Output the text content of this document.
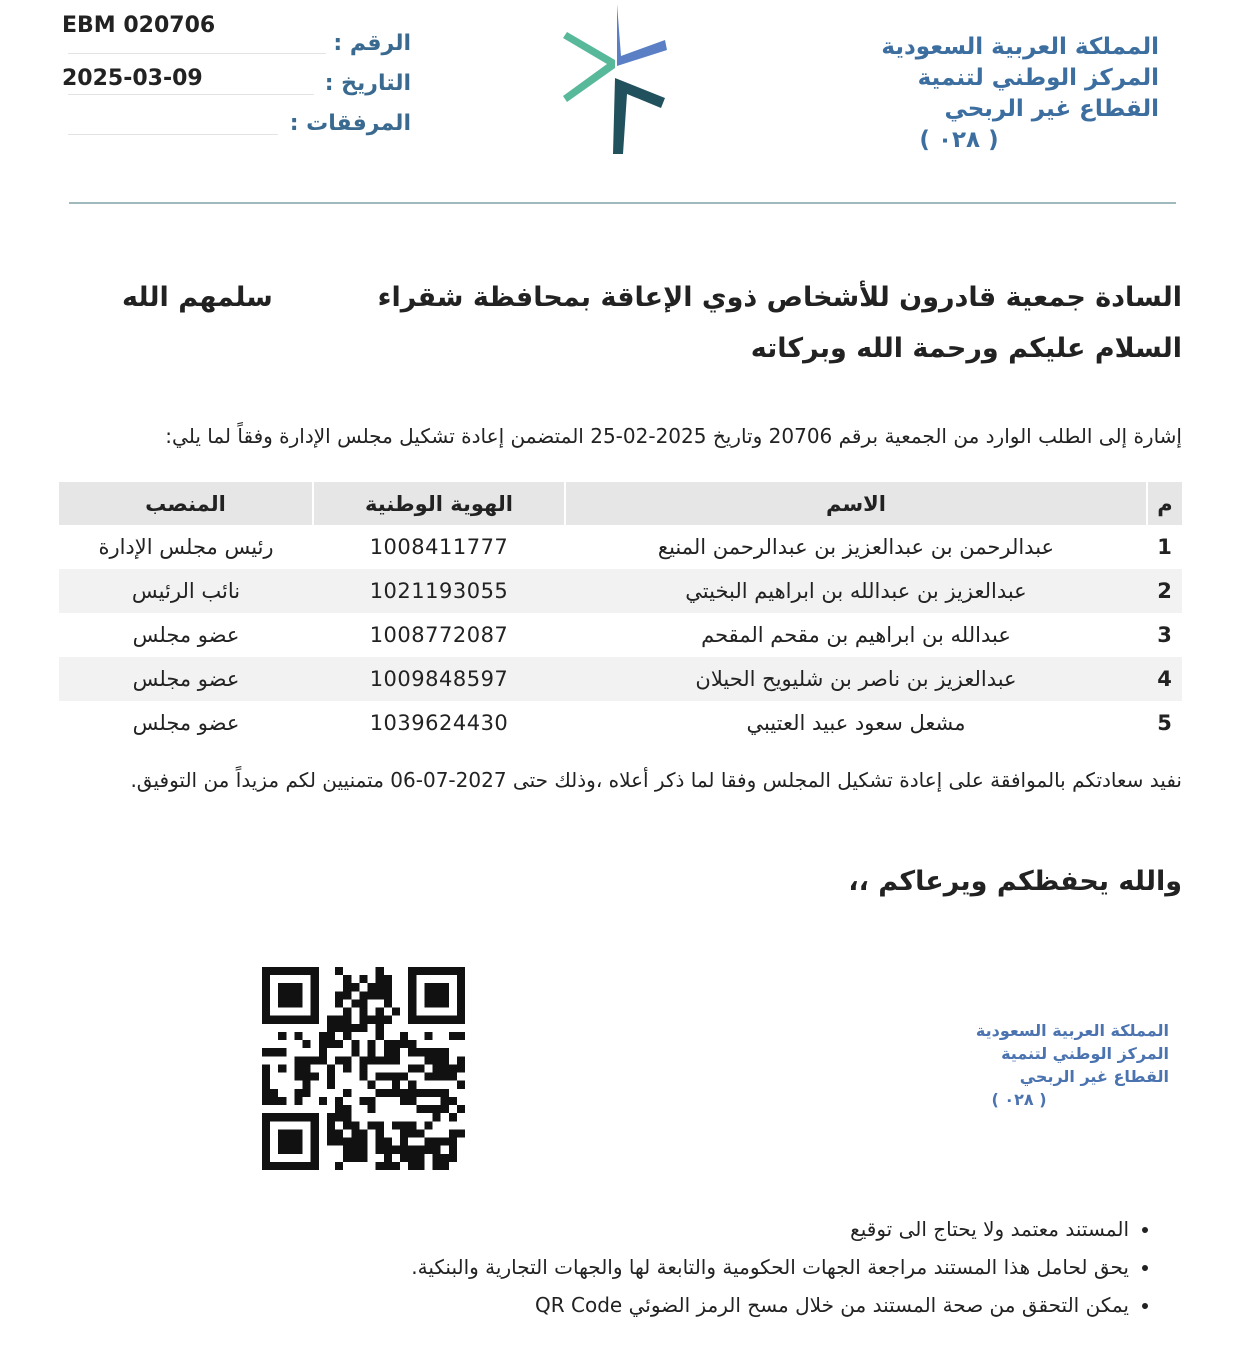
EBM 020706
الرقم :
2025-03-09	التاريخ :
المرفقات :
المملكة العربية السعودية
المركز الوطني لتنمية
القطاع غير الربحي
( ٠٢٨ )
السادة جمعية قادرون للأشخاص ذوي الإعاقة بمحافظة شقراء
سلمهم الله
السلام عليكم ورحمة الله وبركاته
إشارة إلى الطلب الوارد من الجمعية برقم 20706 وتاريخ 2025-02-25 المتضمن إعادة تشكيل مجلس الإدارة وفقاً لما يلي:
م	الاسم	الهوية الوطنية	المنصب
1	عبدالرحمن بن عبدالعزيز بن عبدالرحمن المنيع	1008411777	رئيس مجلس الإدارة
2	عبدالعزيز بن عبدالله بن ابراهيم البخيتي	1021193055	نائب الرئيس
3	عبدالله بن ابراهيم بن مقحم المقحم	1008772087	عضو مجلس
4	عبدالعزيز بن ناصر بن شليويح الحيلان	1009848597	عضو مجلس
5	مشعل سعود عبيد العتيبي	1039624430	عضو مجلس
نفيد سعادتكم بالموافقة على إعادة تشكيل المجلس وفقا لما ذكر أعلاه ،وذلك حتى 2027-07-06 متمنيين لكم مزيداً من التوفيق.
والله يحفظكم ويرعاكم ،،
المملكة العربية السعودية
المركز الوطني لتنمية
القطاع غير الربحي
( ٠٢٨ )
• المستند معتمد ولا يحتاج الى توقيع
• يحق لحامل هذا المستند مراجعة الجهات الحكومية والتابعة لها والجهات التجارية والبنكية.
• يمكن التحقق من صحة المستند من خلال مسح الرمز الضوئي QR Code
